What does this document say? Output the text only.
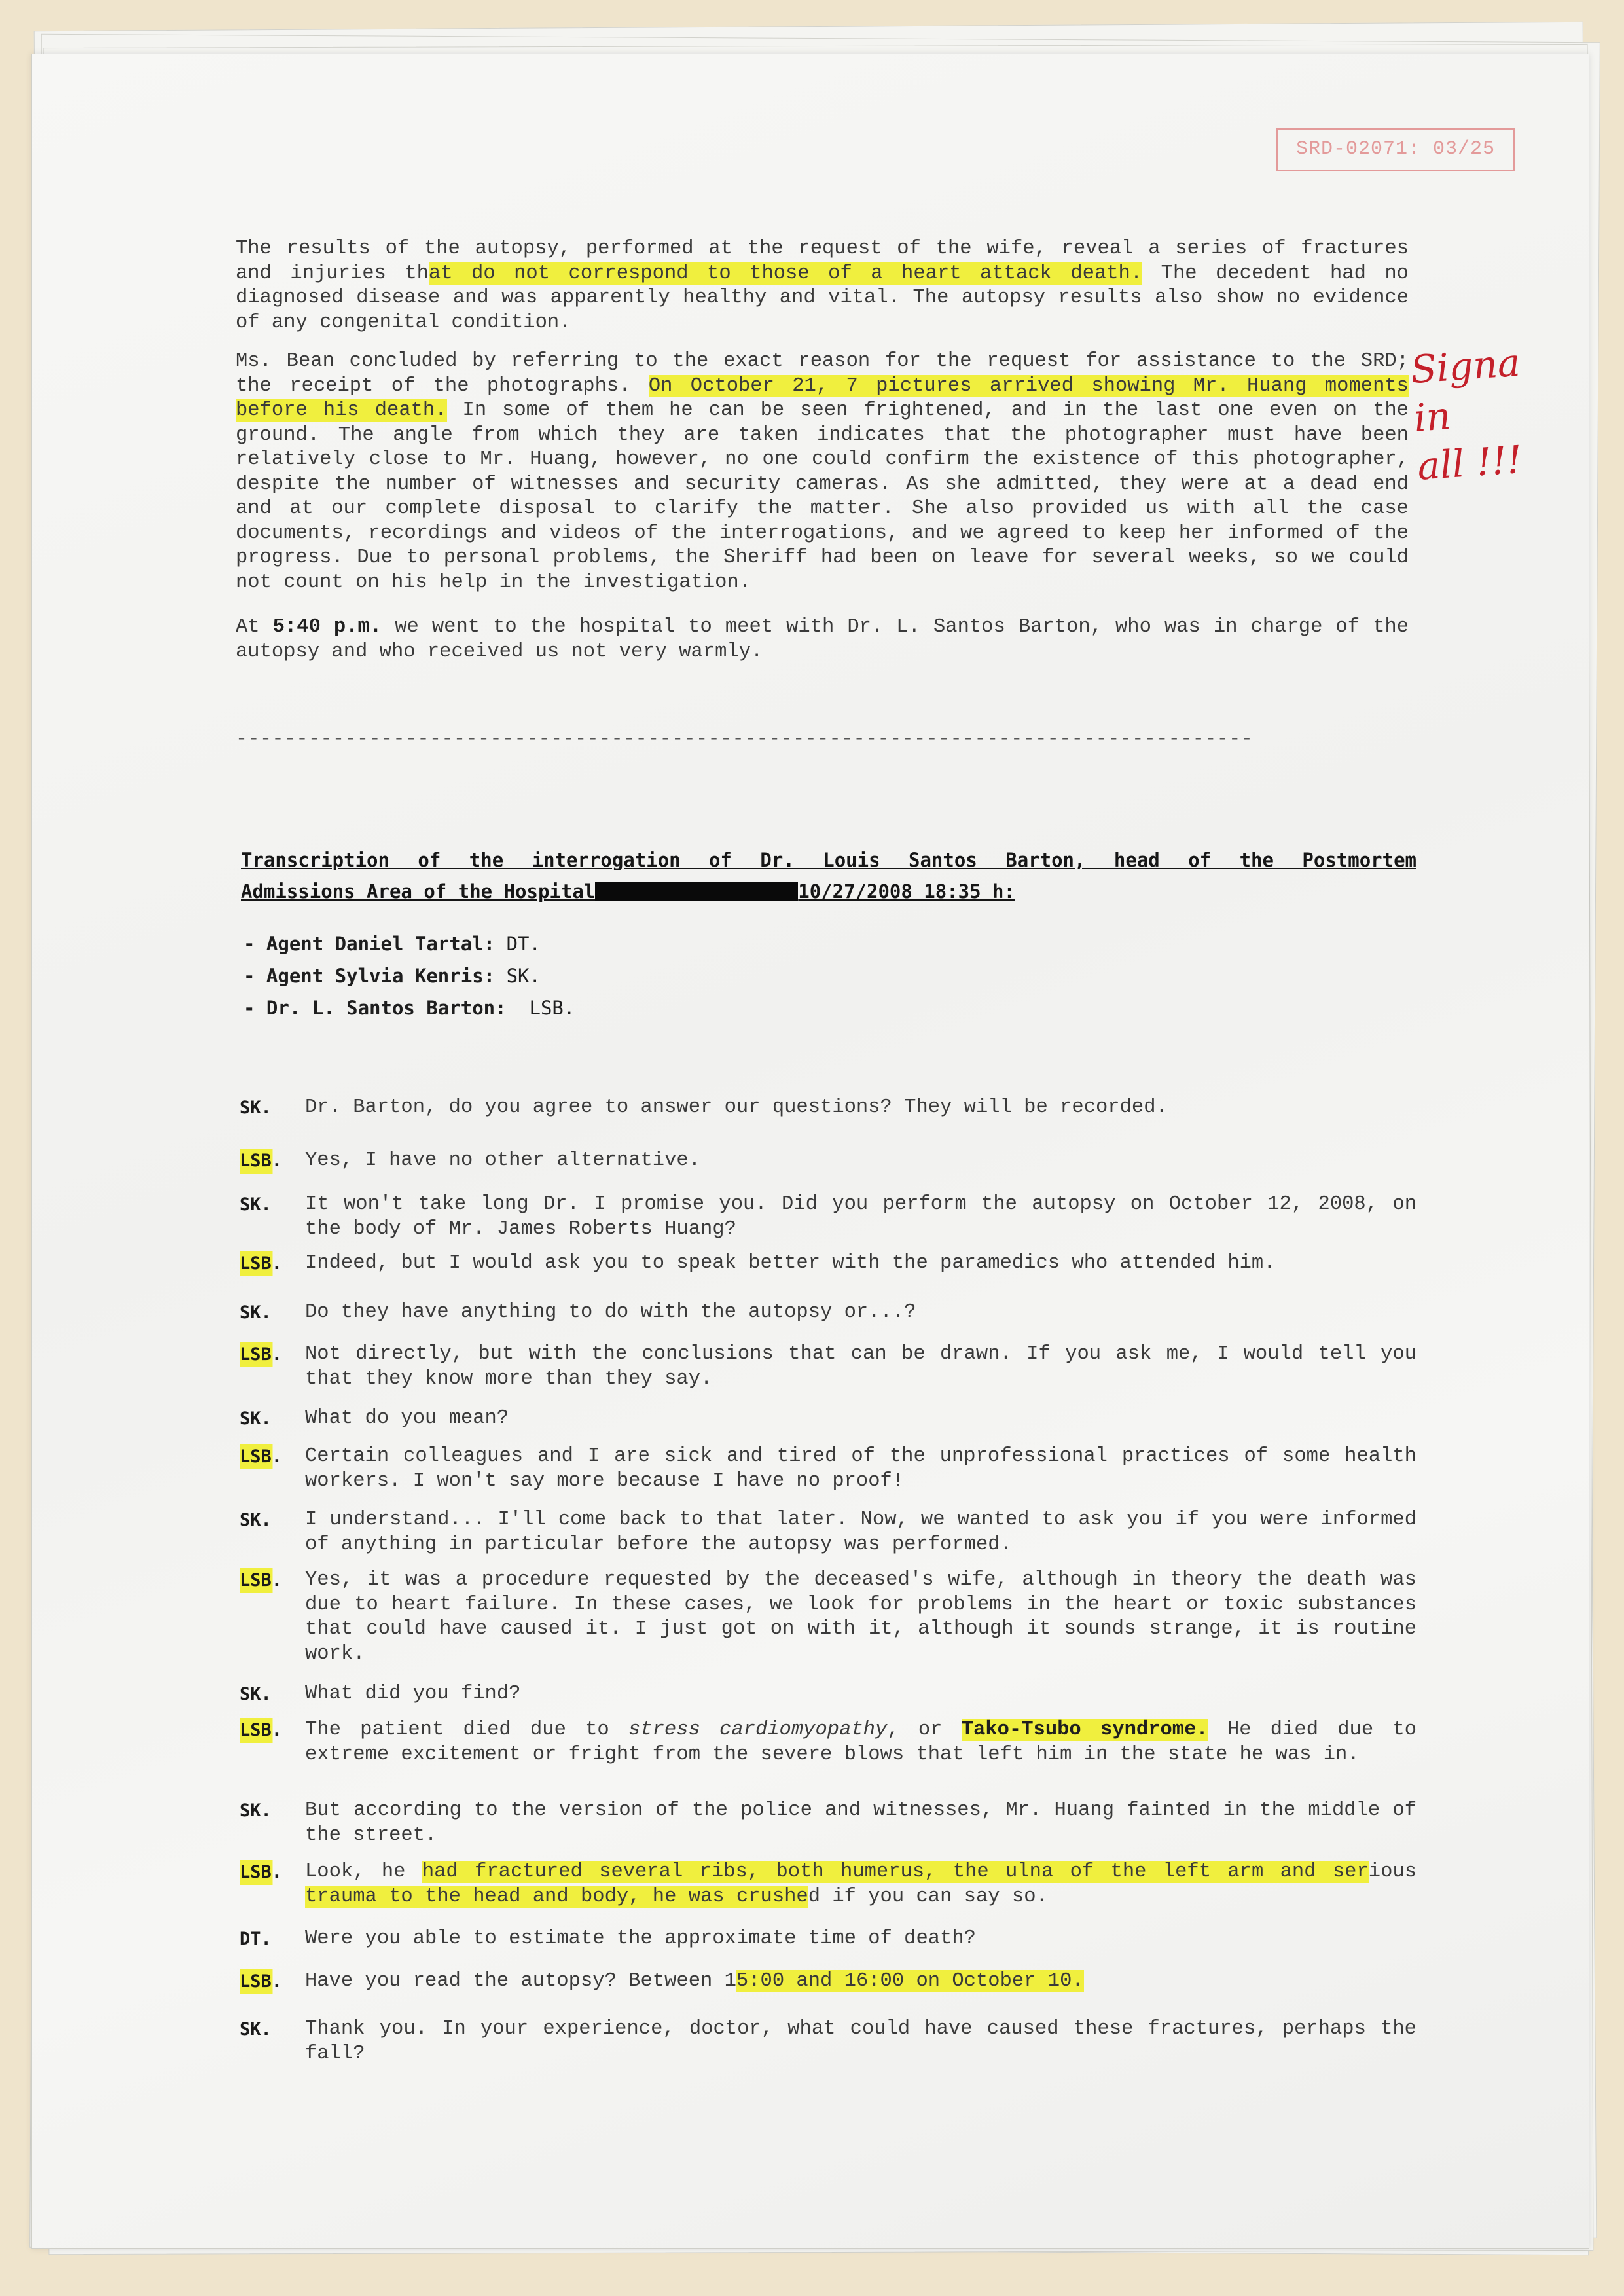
SRD-02071: 03/25
The results of the autopsy, performed at the request of the wife, reveal a series of fractures and injuries that do not correspond to those of a heart attack death. The decedent had no diagnosed disease and was apparently healthy and vital. The autopsy results also show no evidence of any congenital condition.
Ms. Bean concluded by referring to the exact reason for the request for assistance to the SRD; the receipt of the photographs. On October 21, 7 pictures arrived showing Mr. Huang moments before his death. In some of them he can be seen frightened, and in the last one even on the ground. The angle from which they are taken indicates that the photographer must have been relatively close to Mr. Huang, however, no one could confirm the existence of this photographer, despite the number of witnesses and security cameras. As she admitted, they were at a dead end and at our complete disposal to clarify the matter. She also provided us with all the case documents, recordings and videos of the interrogations, and we agreed to keep her informed of the progress. Due to personal problems, the Sheriff had been on leave for several weeks, so we could not count on his help in the investigation.
At 5:40 p.m. we went to the hospital to meet with Dr. L. Santos Barton, who was in charge of the autopsy and who received us not very warmly.
------------------------------------------------------------------------------------
Transcription of the interrogation of Dr. Louis Santos Barton, head of the Postmortem
Admissions Area of the Hospital	10/27/2008 18:35 h:
- Agent Daniel Tartal: DT.
- Agent Sylvia Kenris: SK.
- Dr. L. Santos Barton:  LSB.
SK. Dr. Barton, do you agree to answer our questions? They will be recorded.
LSB. Yes, I have no other alternative.
SK. It won't take long Dr. I promise you. Did you perform the autopsy on October 12, 2008, on the body of Mr. James Roberts Huang?
LSB. Indeed, but I would ask you to speak better with the paramedics who attended him.
SK. Do they have anything to do with the autopsy or...?
LSB. Not directly, but with the conclusions that can be drawn. If you ask me, I would tell you that they know more than they say.
SK. What do you mean?
LSB. Certain colleagues and I are sick and tired of the unprofessional practices of some health workers. I won't say more because I have no proof!
SK. I understand... I'll come back to that later. Now, we wanted to ask you if you were informed of anything in particular before the autopsy was performed.
LSB. Yes, it was a procedure requested by the deceased's wife, although in theory the death was due to heart failure. In these cases, we look for problems in the heart or toxic substances that could have caused it. I just got on with it, although it sounds strange, it is routine work.
SK. What did you find?
LSB. The patient died due to stress cardiomyopathy, or Tako-Tsubo syndrome. He died due to extreme excitement or fright from the severe blows that left him in the state he was in.
SK. But according to the version of the police and witnesses, Mr. Huang fainted in the middle of the street.
LSB. Look, he had fractured several ribs, both humerus, the ulna of the left arm and serious trauma to the head and body, he was crushed if you can say so.
DT. Were you able to estimate the approximate time of death?
LSB. Have you read the autopsy? Between 15:00 and 16:00 on October 10.
SK. Thank you. In your experience, doctor, what could have caused these fractures, perhaps the fall?
Signa
in
all !!!
